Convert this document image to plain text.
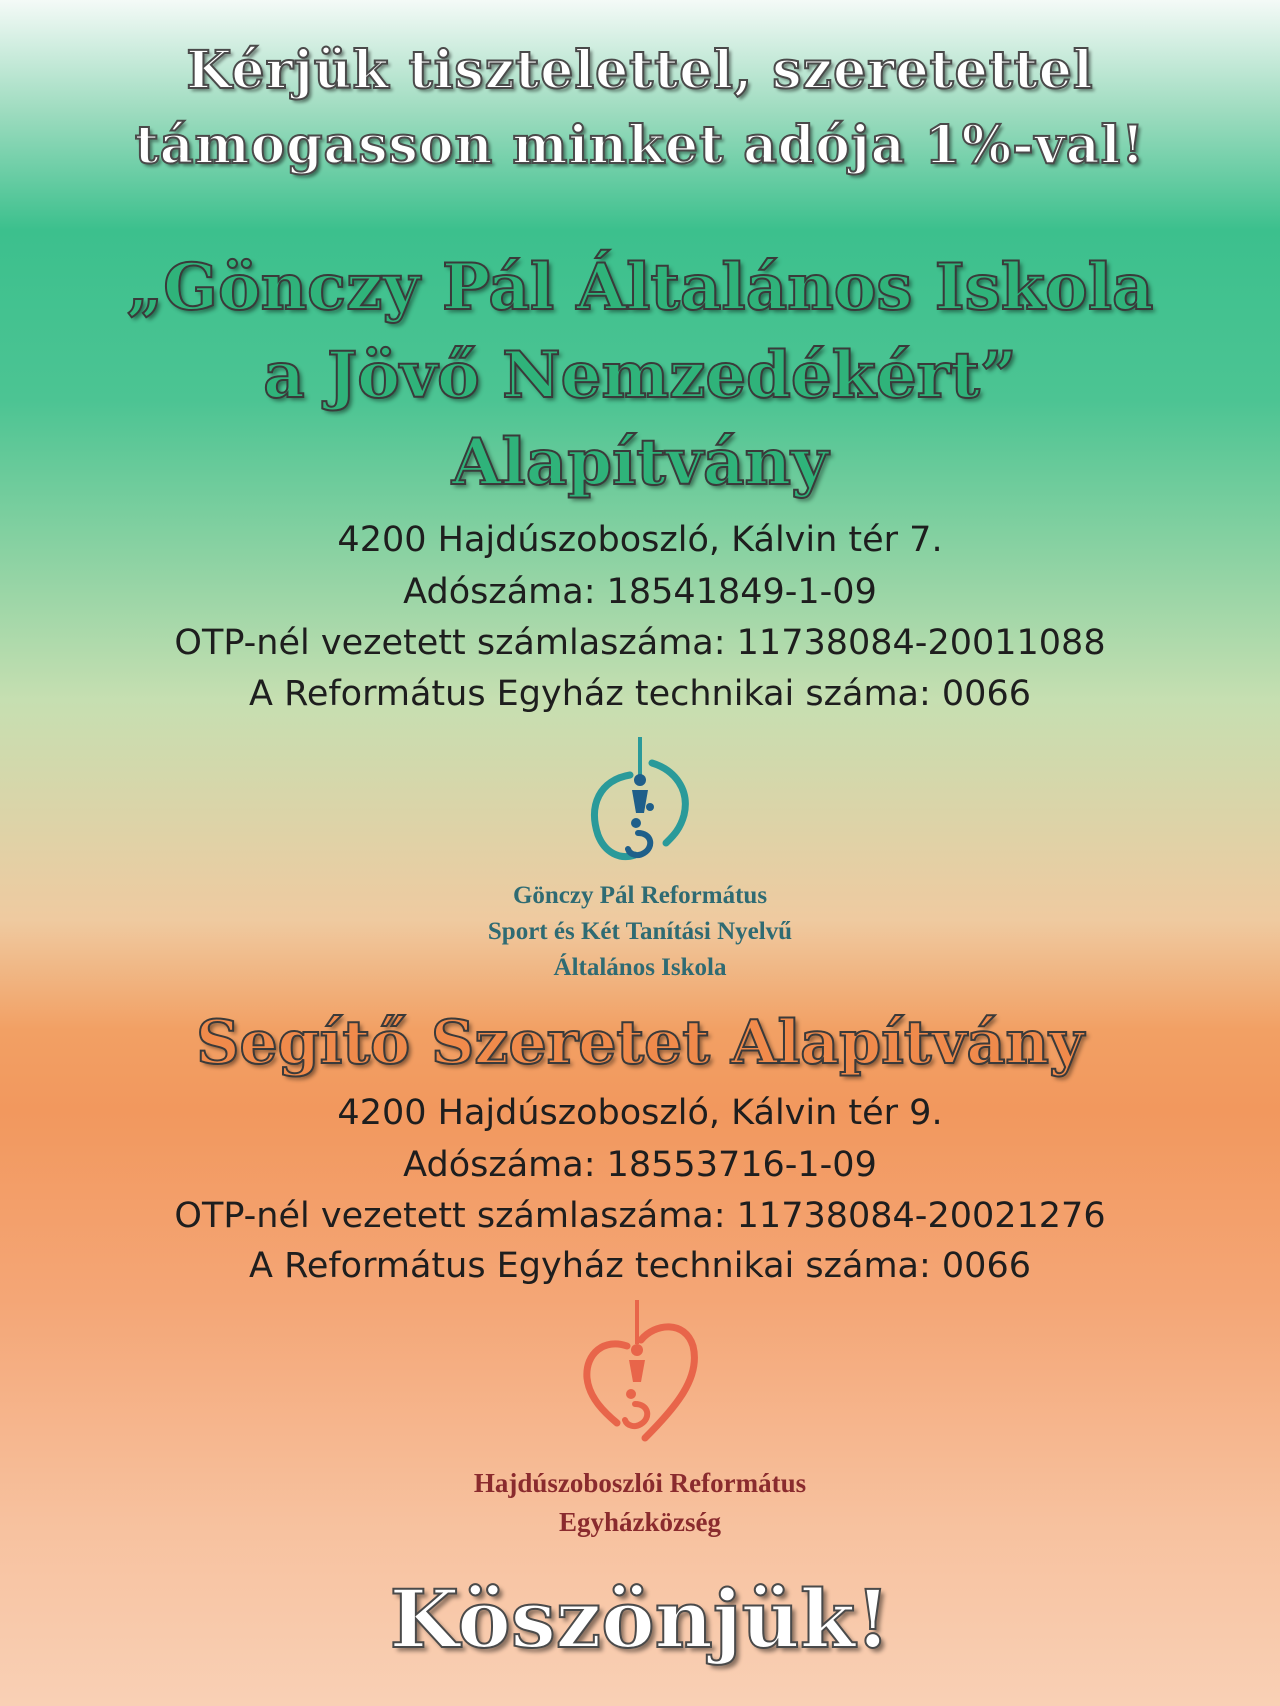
Kérjük tisztelettel, szeretettel
támogasson minket adója 1%-val!
„Gönczy Pál Általános Iskola
a Jövő Nemzedékért”
Alapítvány
4200 Hajdúszoboszló, Kálvin tér 7.
Adószáma: 18541849-1-09
OTP-nél vezetett számlaszáma: 11738084-20011088
A Református Egyház technikai száma: 0066
Gönczy Pál Református
Sport és Két Tanítási Nyelvű
Általános Iskola
Segítő Szeretet Alapítvány
4200 Hajdúszoboszló, Kálvin tér 9.
Adószáma: 18553716-1-09
OTP-nél vezetett számlaszáma: 11738084-20021276
A Református Egyház technikai száma: 0066
Hajdúszoboszlói Református
Egyházközség
Köszönjük!
